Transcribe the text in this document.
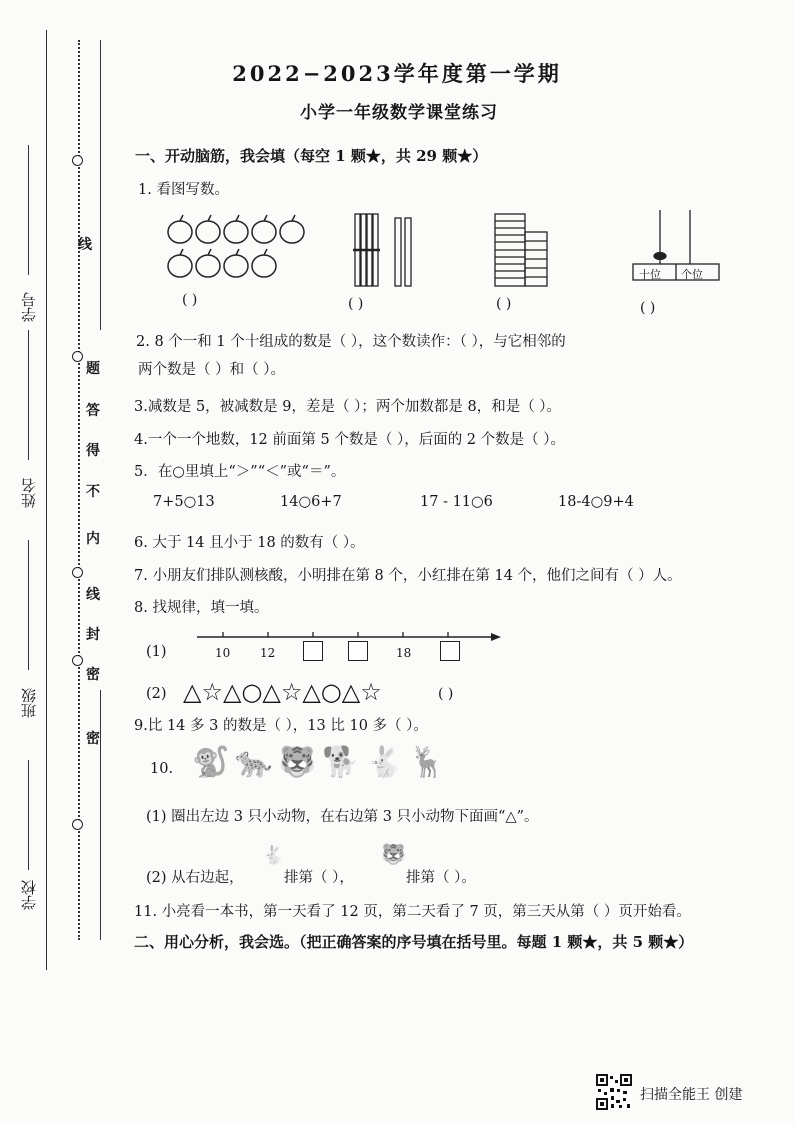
线
题
答
得
不
内
线
封
密
密
学校
班级
姓名
学号
2022−2023学年度第一学期
小学一年级数学课堂练习
一、开动脑筋，我会填（每空 1 颗★，共 29 颗★）
1. 看图写数。
十位 个位
( )	( )	( )	( )
2. 8 个一和 1 个十组成的数是（ ），这个数读作：（ ），与它相邻的
两个数是（ ）和（ ）。
3.减数是 5，被减数是 9，差是（ ）；两个加数都是 8，和是（ ）。
4.一个一个地数，12 前面第 5 个数是（ ），后面的 2 个数是（ ）。
5．在○里填上“＞”“＜”或“＝”。
7+5○13	14○6+7	17 - 11○6	18-4○9+4
6. 大于 14 且小于 18 的数有（ ）。
7. 小朋友们排队测核酸，小明排在第 8 个，小红排在第 14 个，他们之间有（ ）人。
8. 找规律，填一填。
(1)	10 12	18
(2) △☆△○△☆△○△☆	( )
9.比 14 多 3 的数是（ ），13 比 10 多（ ）。
10. 🐒🐆🐯🐕🐇🦌
(1) 圈出左边 3 只小动物，在右边第 3 只小动物下面画“△”。
(2) 从右边起，
🐇
排第（ ），
🐯
排第（ ）。
11. 小亮看一本书，第一天看了 12 页，第二天看了 7 页，第三天从第（ ）页开始看。
二、用心分析，我会选。（把正确答案的序号填在括号里。每题 1 颗★，共 5 颗★）
扫描全能王 创建
